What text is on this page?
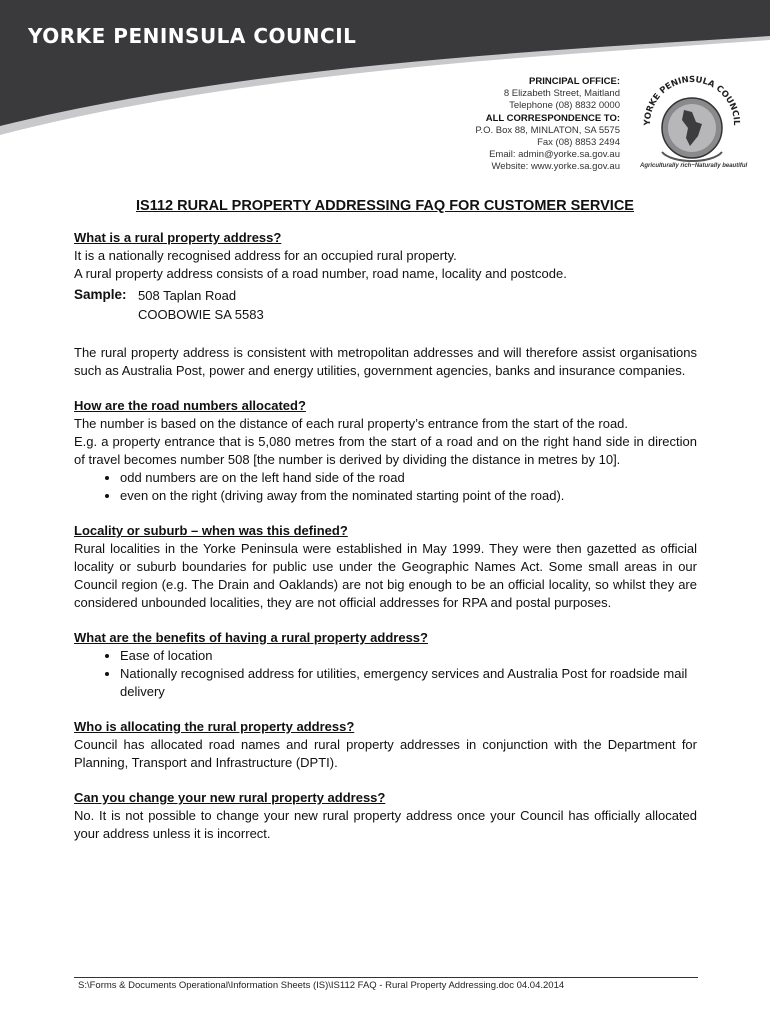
YORKE PENINSULA COUNCIL
PRINCIPAL OFFICE:
8 Elizabeth Street, Maitland
Telephone (08) 8832 0000
ALL CORRESPONDENCE TO:
P.O. Box 88, MINLATON, SA 5575
Fax (08) 8853 2494
Email: admin@yorke.sa.gov.au
Website: www.yorke.sa.gov.au
YORKE PENINSULA COUNCIL
Agriculturally rich~Naturally beautiful
IS112 RURAL PROPERTY ADDRESSING FAQ FOR CUSTOMER SERVICE

What is a rural property address?

It is a nationally recognised address for an occupied rural property.

A rural property address consists of a road number, road name, locality and postcode.

Sample: 508 Taplan Road
COOBOWIE SA 5583

The rural property address is consistent with metropolitan addresses and will therefore assist organisations such as Australia Post, power and energy utilities, government agencies, banks and insurance companies.

How are the road numbers allocated?

The number is based on the distance of each rural property’s entrance from the start of the road.

E.g. a property entrance that is 5,080 metres from the start of a road and on the right hand side in direction of travel becomes number 508 [the number is derived by dividing the distance in metres by 10].

• odd numbers are on the left hand side of the road
• even on the right (driving away from the nominated starting point of the road).

Locality or suburb – when was this defined?

Rural localities in the Yorke Peninsula were established in May 1999. They were then gazetted as official locality or suburb boundaries for public use under the Geographic Names Act. Some small areas in our Council region (e.g. The Drain and Oaklands) are not big enough to be an official locality, so whilst they are considered unbounded localities, they are not official addresses for RPA and postal purposes.

What are the benefits of having a rural property address?

• Ease of location
• Nationally recognised address for utilities, emergency services and Australia Post for roadside mail delivery

Who is allocating the rural property address?

Council has allocated road names and rural property addresses in conjunction with the Department for Planning, Transport and Infrastructure (DPTI).

Can you change your new rural property address?

No. It is not possible to change your new rural property address once your Council has officially allocated your address unless it is incorrect.

S:\Forms & Documents Operational\Information Sheets (IS)\IS112 FAQ - Rural Property Addressing.doc 04.04.2014
